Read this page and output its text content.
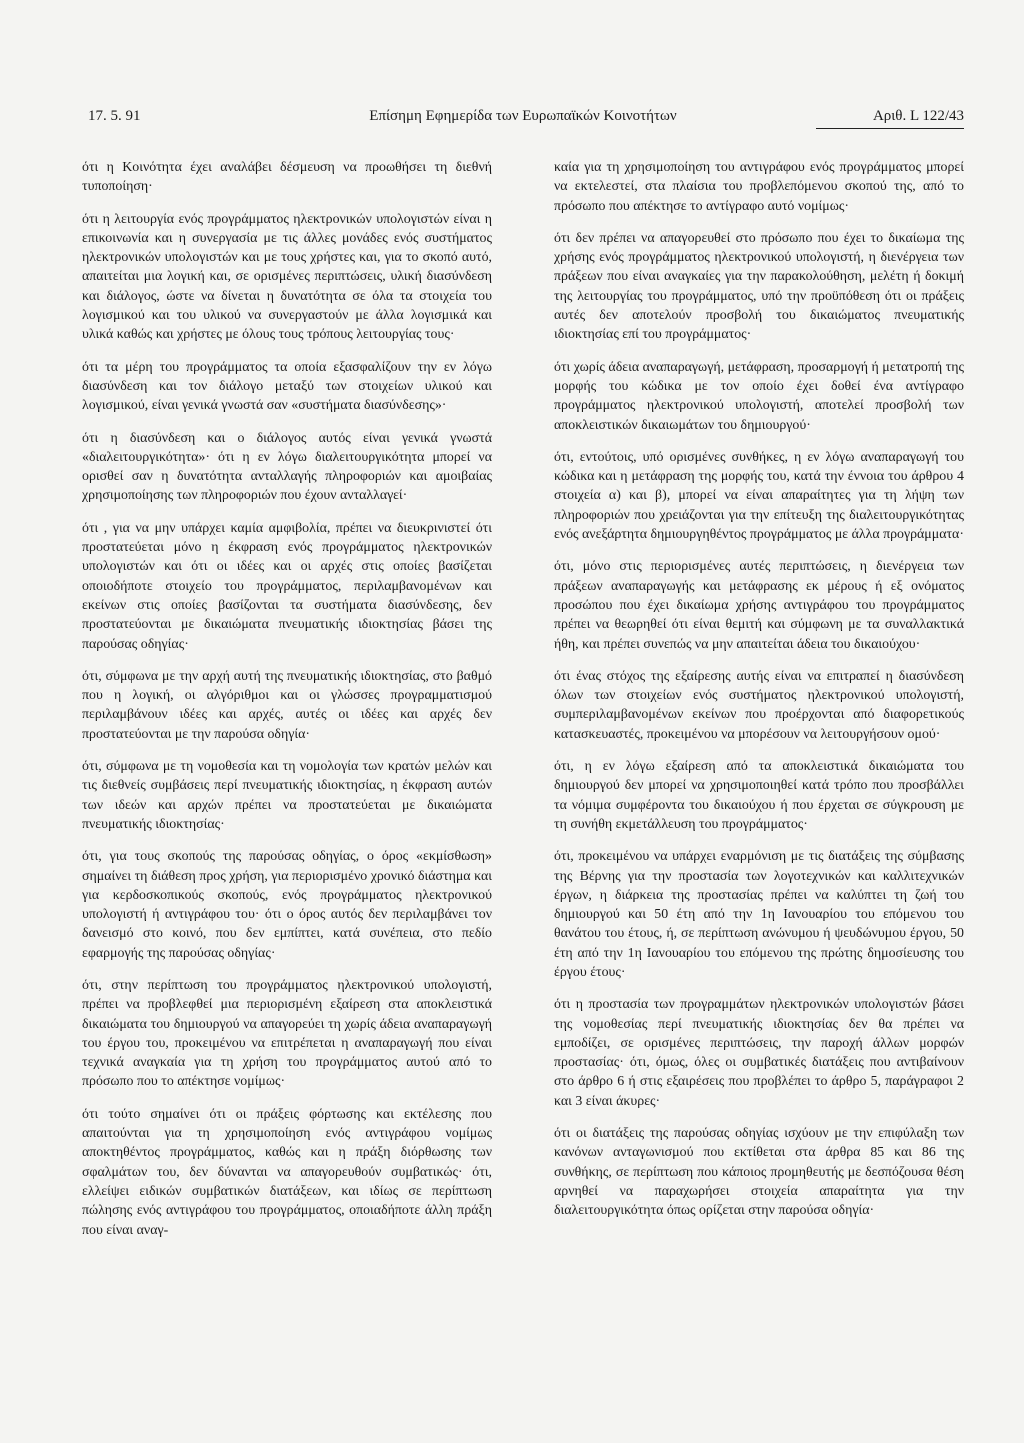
17. 5. 91	Επίσημη Εφημερίδα των Ευρωπαϊκών Κοινοτήτων	Αριθ. L 122/43

ότι η Κοινότητα έχει αναλάβει δέσμευση να προωθήσει τη διεθνή τυποποίηση·

ότι η λειτουργία ενός προγράμματος ηλεκτρονικών υπολογιστών είναι η επικοινωνία και η συνεργασία με τις άλλες μονάδες ενός συστήματος ηλεκτρονικών υπολογιστών και με τους χρήστες και, για το σκοπό αυτό, απαιτείται μια λογική και, σε ορισμένες περιπτώσεις, υλική διασύνδεση και διάλογος, ώστε να δίνεται η δυνατότητα σε όλα τα στοιχεία του λογισμικού και του υλικού να συνεργαστούν με άλλα λογισμικά και υλικά καθώς και χρήστες με όλους τους τρόπους λειτουργίας τους·

ότι τα μέρη του προγράμματος τα οποία εξασφαλίζουν την εν λόγω διασύνδεση και τον διάλογο μεταξύ των στοιχείων υλικού και λογισμικού, είναι γενικά γνωστά σαν «συστήματα διασύνδεσης»·

ότι η διασύνδεση και ο διάλογος αυτός είναι γενικά γνωστά «διαλειτουργικότητα»· ότι η εν λόγω διαλειτουργικότητα μπορεί να ορισθεί σαν η δυνατότητα ανταλλαγής πληροφοριών και αμοιβαίας χρησιμοποίησης των πληροφοριών που έχουν ανταλλαγεί·

ότι , για να μην υπάρχει καμία αμφιβολία, πρέπει να διευκρινιστεί ότι προστατεύεται μόνο η έκφραση ενός προγράμματος ηλεκτρονικών υπολογιστών και ότι οι ιδέες και οι αρχές στις οποίες βασίζεται οποιοδήποτε στοιχείο του προγράμματος, περιλαμβανομένων και εκείνων στις οποίες βασίζονται τα συστήματα διασύνδεσης, δεν προστατεύονται με δικαιώματα πνευματικής ιδιοκτησίας βάσει της παρούσας οδηγίας·

ότι, σύμφωνα με την αρχή αυτή της πνευματικής ιδιοκτησίας, στο βαθμό που η λογική, οι αλγόριθμοι και οι γλώσσες προγραμματισμού περιλαμβάνουν ιδέες και αρχές, αυτές οι ιδέες και αρχές δεν προστατεύονται με την παρούσα οδηγία·

ότι, σύμφωνα με τη νομοθεσία και τη νομολογία των κρατών μελών και τις διεθνείς συμβάσεις περί πνευματικής ιδιοκτησίας, η έκφραση αυτών των ιδεών και αρχών πρέπει να προστατεύεται με δικαιώματα πνευματικής ιδιοκτησίας·

ότι, για τους σκοπούς της παρούσας οδηγίας, ο όρος «εκμίσθωση» σημαίνει τη διάθεση προς χρήση, για περιορισμένο χρονικό διάστημα και για κερδοσκοπικούς σκοπούς, ενός προγράμματος ηλεκτρονικού υπολογιστή ή αντιγράφου του· ότι ο όρος αυτός δεν περιλαμβάνει τον δανεισμό στο κοινό, που δεν εμπίπτει, κατά συνέπεια, στο πεδίο εφαρμογής της παρούσας οδηγίας·

ότι, στην περίπτωση του προγράμματος ηλεκτρονικού υπολογιστή, πρέπει να προβλεφθεί μια περιορισμένη εξαίρεση στα αποκλειστικά δικαιώματα του δημιουργού να απαγορεύει τη χωρίς άδεια αναπαραγωγή του έργου του, προκειμένου να επιτρέπεται η αναπαραγωγή που είναι τεχνικά αναγκαία για τη χρήση του προγράμματος αυτού από το πρόσωπο που το απέκτησε νομίμως·

ότι τούτο σημαίνει ότι οι πράξεις φόρτωσης και εκτέλεσης που απαιτούνται για τη χρησιμοποίηση ενός αντιγράφου νομίμως αποκτηθέντος προγράμματος, καθώς και η πράξη διόρθωσης των σφαλμάτων του, δεν δύνανται να απαγορευθούν συμβατικώς· ότι, ελλείψει ειδικών συμβατικών διατάξεων, και ιδίως σε περίπτωση πώλησης ενός αντιγράφου του προγράμματος, οποιαδήποτε άλλη πράξη που είναι αναγ-

καία για τη χρησιμοποίηση του αντιγράφου ενός προγράμματος μπορεί να εκτελεστεί, στα πλαίσια του προβλεπόμενου σκοπού της, από το πρόσωπο που απέκτησε το αντίγραφο αυτό νομίμως·

ότι δεν πρέπει να απαγορευθεί στο πρόσωπο που έχει το δικαίωμα της χρήσης ενός προγράμματος ηλεκτρονικού υπολογιστή, η διενέργεια των πράξεων που είναι αναγκαίες για την παρακολούθηση, μελέτη ή δοκιμή της λειτουργίας του προγράμματος, υπό την προϋπόθεση ότι οι πράξεις αυτές δεν αποτελούν προσβολή του δικαιώματος πνευματικής ιδιοκτησίας επί του προγράμματος·

ότι χωρίς άδεια αναπαραγωγή, μετάφραση, προσαρμογή ή μετατροπή της μορφής του κώδικα με τον οποίο έχει δοθεί ένα αντίγραφο προγράμματος ηλεκτρονικού υπολογιστή, αποτελεί προσβολή των αποκλειστικών δικαιωμάτων του δημιουργού·

ότι, εντούτοις, υπό ορισμένες συνθήκες, η εν λόγω αναπαραγωγή του κώδικα και η μετάφραση της μορφής του, κατά την έννοια του άρθρου 4 στοιχεία α) και β), μπορεί να είναι απαραίτητες για τη λήψη των πληροφοριών που χρειάζονται για την επίτευξη της διαλειτουργικότητας ενός ανεξάρτητα δημιουργηθέντος προγράμματος με άλλα προγράμματα·

ότι, μόνο στις περιορισμένες αυτές περιπτώσεις, η διενέργεια των πράξεων αναπαραγωγής και μετάφρασης εκ μέρους ή εξ ονόματος προσώπου που έχει δικαίωμα χρήσης αντιγράφου του προγράμματος πρέπει να θεωρηθεί ότι είναι θεμιτή και σύμφωνη με τα συναλλακτικά ήθη, και πρέπει συνεπώς να μην απαιτείται άδεια του δικαιούχου·

ότι ένας στόχος της εξαίρεσης αυτής είναι να επιτραπεί η διασύνδεση όλων των στοιχείων ενός συστήματος ηλεκτρονικού υπολογιστή, συμπεριλαμβανομένων εκείνων που προέρχονται από διαφορετικούς κατασκευαστές, προκειμένου να μπορέσουν να λειτουργήσουν ομού·

ότι, η εν λόγω εξαίρεση από τα αποκλειστικά δικαιώματα του δημιουργού δεν μπορεί να χρησιμοποιηθεί κατά τρόπο που προσβάλλει τα νόμιμα συμφέροντα του δικαιούχου ή που έρχεται σε σύγκρουση με τη συνήθη εκμετάλλευση του προγράμματος·

ότι, προκειμένου να υπάρχει εναρμόνιση με τις διατάξεις της σύμβασης της Βέρνης για την προστασία των λογοτεχνικών και καλλιτεχνικών έργων, η διάρκεια της προστασίας πρέπει να καλύπτει τη ζωή του δημιουργού και 50 έτη από την 1η Ιανουαρίου του επόμενου του θανάτου του έτους, ή, σε περίπτωση ανώνυμου ή ψευδώνυμου έργου, 50 έτη από την 1η Ιανουαρίου του επόμενου της πρώτης δημοσίευσης του έργου έτους·

ότι η προστασία των προγραμμάτων ηλεκτρονικών υπολογιστών βάσει της νομοθεσίας περί πνευματικής ιδιοκτησίας δεν θα πρέπει να εμποδίζει, σε ορισμένες περιπτώσεις, την παροχή άλλων μορφών προστασίας· ότι, όμως, όλες οι συμβατικές διατάξεις που αντιβαίνουν στο άρθρο 6 ή στις εξαιρέσεις που προβλέπει το άρθρο 5, παράγραφοι 2 και 3 είναι άκυρες·

ότι οι διατάξεις της παρούσας οδηγίας ισχύουν με την επιφύλαξη των κανόνων ανταγωνισμού που εκτίθεται στα άρθρα 85 και 86 της συνθήκης, σε περίπτωση που κάποιος προμηθευτής με δεσπόζουσα θέση αρνηθεί να παραχωρήσει στοιχεία απαραίτητα για την διαλειτουργικότητα όπως ορίζεται στην παρούσα οδηγία·
